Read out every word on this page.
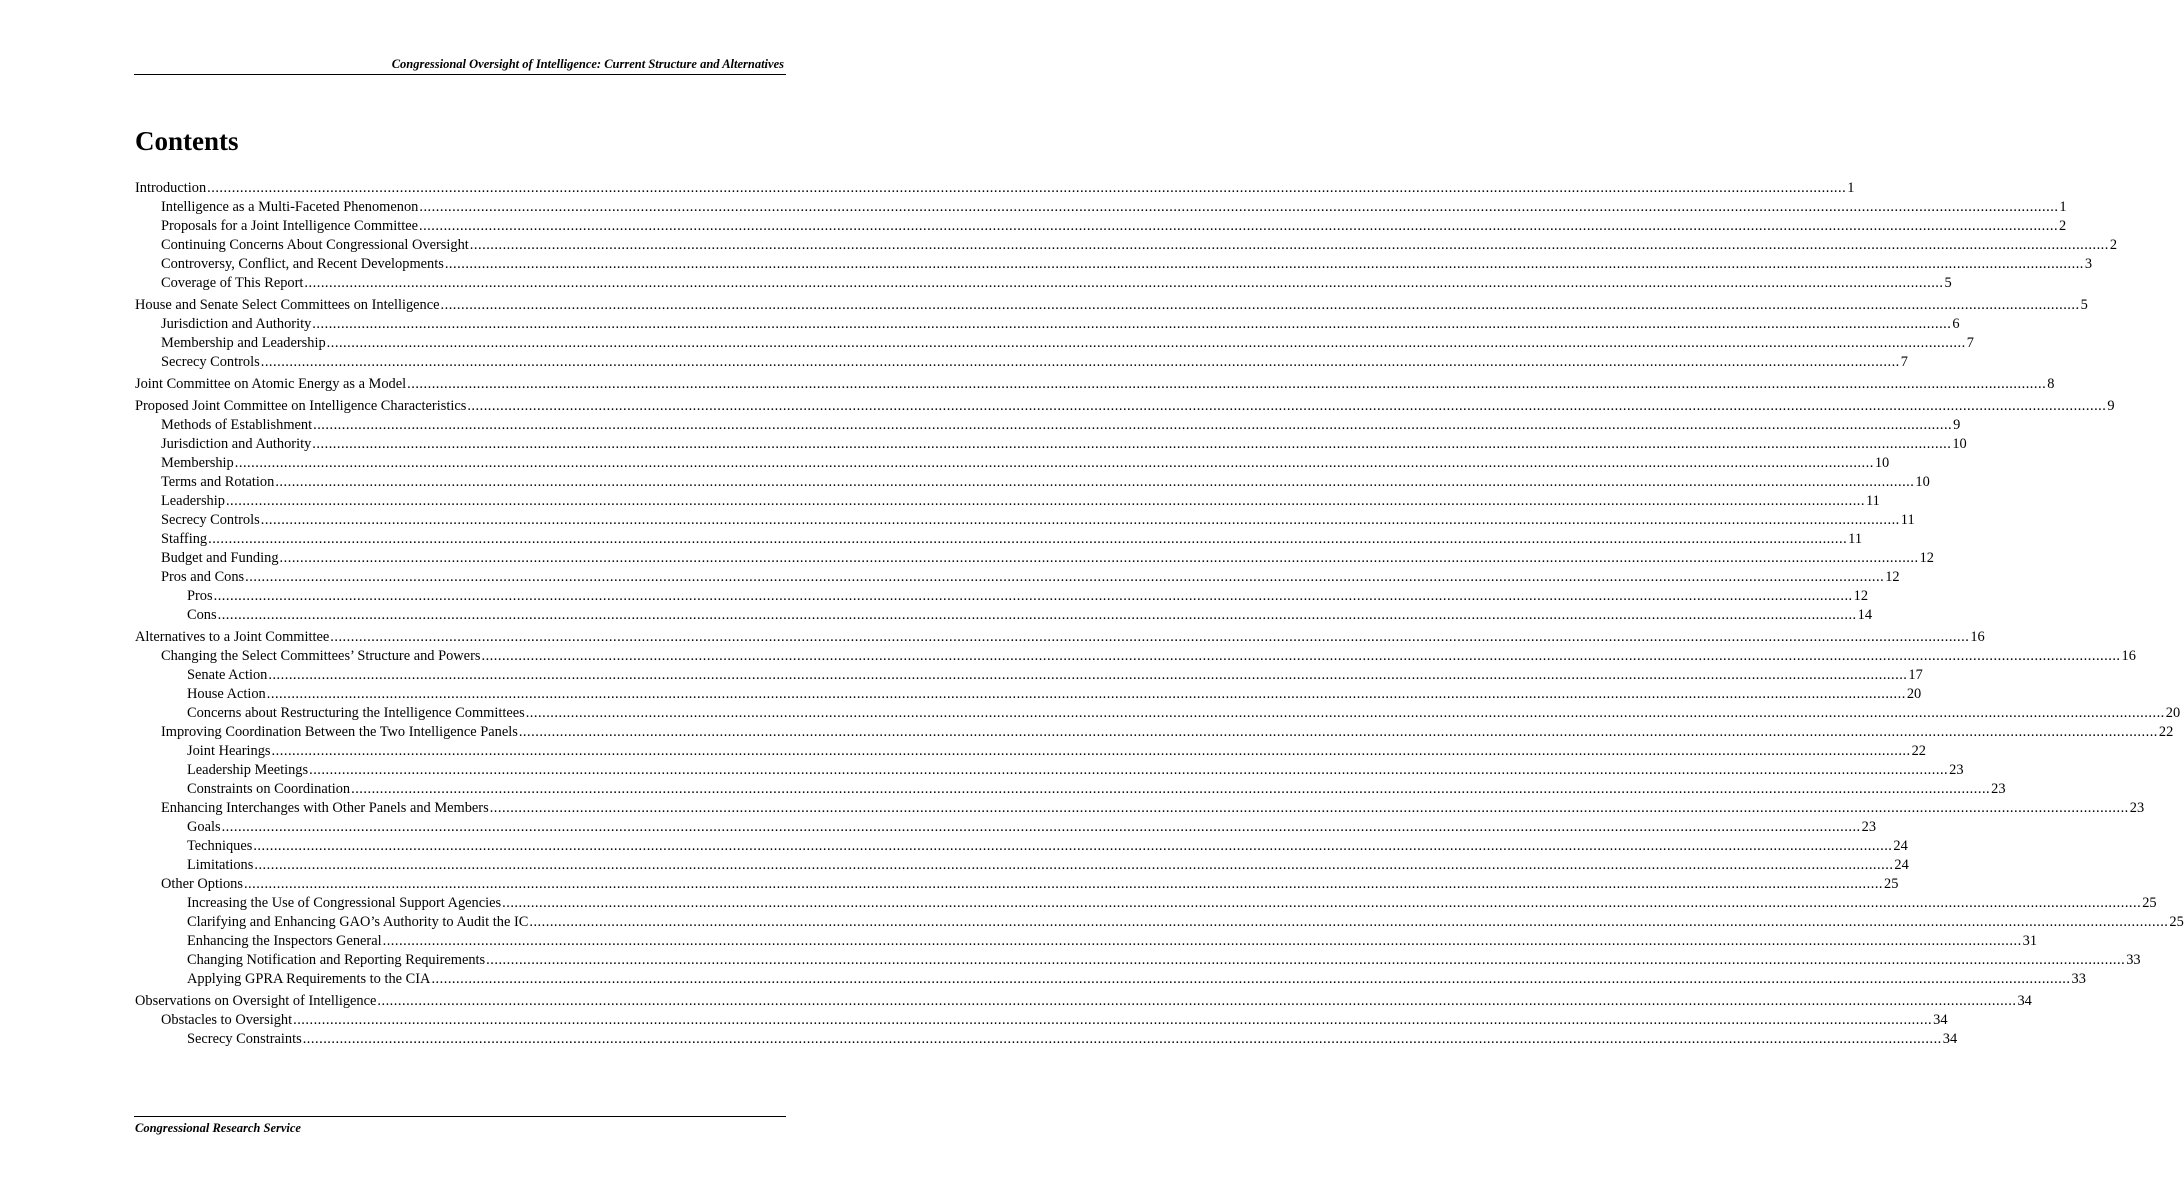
Congressional Oversight of Intelligence: Current Structure and Alternatives
Contents
Introduction ................................................................................................................................................................................................................................................................................................................................................................................................................ 1
Intelligence as a Multi-Faceted Phenomenon ................................................................................................................................................................................................................................................................................................................................................................................................................ 1
Proposals for a Joint Intelligence Committee ................................................................................................................................................................................................................................................................................................................................................................................................................ 2
Continuing Concerns About Congressional Oversight ................................................................................................................................................................................................................................................................................................................................................................................................................ 2
Controversy, Conflict, and Recent Developments ................................................................................................................................................................................................................................................................................................................................................................................................................ 3
Coverage of This Report ................................................................................................................................................................................................................................................................................................................................................................................................................ 5
House and Senate Select Committees on Intelligence ................................................................................................................................................................................................................................................................................................................................................................................................................ 5
Jurisdiction and Authority ................................................................................................................................................................................................................................................................................................................................................................................................................ 6
Membership and Leadership ................................................................................................................................................................................................................................................................................................................................................................................................................ 7
Secrecy Controls ................................................................................................................................................................................................................................................................................................................................................................................................................ 7
Joint Committee on Atomic Energy as a Model ................................................................................................................................................................................................................................................................................................................................................................................................................ 8
Proposed Joint Committee on Intelligence Characteristics ................................................................................................................................................................................................................................................................................................................................................................................................................ 9
Methods of Establishment ................................................................................................................................................................................................................................................................................................................................................................................................................ 9
Jurisdiction and Authority ................................................................................................................................................................................................................................................................................................................................................................................................................ 10
Membership ................................................................................................................................................................................................................................................................................................................................................................................................................ 10
Terms and Rotation ................................................................................................................................................................................................................................................................................................................................................................................................................ 10
Leadership ................................................................................................................................................................................................................................................................................................................................................................................................................ 11
Secrecy Controls ................................................................................................................................................................................................................................................................................................................................................................................................................ 11
Staffing ................................................................................................................................................................................................................................................................................................................................................................................................................ 11
Budget and Funding ................................................................................................................................................................................................................................................................................................................................................................................................................ 12
Pros and Cons ................................................................................................................................................................................................................................................................................................................................................................................................................ 12
Pros ................................................................................................................................................................................................................................................................................................................................................................................................................ 12
Cons ................................................................................................................................................................................................................................................................................................................................................................................................................ 14
Alternatives to a Joint Committee ................................................................................................................................................................................................................................................................................................................................................................................................................ 16
Changing the Select Committees’ Structure and Powers ................................................................................................................................................................................................................................................................................................................................................................................................................ 16
Senate Action ................................................................................................................................................................................................................................................................................................................................................................................................................ 17
House Action ................................................................................................................................................................................................................................................................................................................................................................................................................ 20
Concerns about Restructuring the Intelligence Committees ................................................................................................................................................................................................................................................................................................................................................................................................................ 20
Improving Coordination Between the Two Intelligence Panels ................................................................................................................................................................................................................................................................................................................................................................................................................ 22
Joint Hearings ................................................................................................................................................................................................................................................................................................................................................................................................................ 22
Leadership Meetings ................................................................................................................................................................................................................................................................................................................................................................................................................ 23
Constraints on Coordination ................................................................................................................................................................................................................................................................................................................................................................................................................ 23
Enhancing Interchanges with Other Panels and Members ................................................................................................................................................................................................................................................................................................................................................................................................................ 23
Goals ................................................................................................................................................................................................................................................................................................................................................................................................................ 23
Techniques ................................................................................................................................................................................................................................................................................................................................................................................................................ 24
Limitations ................................................................................................................................................................................................................................................................................................................................................................................................................ 24
Other Options ................................................................................................................................................................................................................................................................................................................................................................................................................ 25
Increasing the Use of Congressional Support Agencies ................................................................................................................................................................................................................................................................................................................................................................................................................ 25
Clarifying and Enhancing GAO’s Authority to Audit the IC ................................................................................................................................................................................................................................................................................................................................................................................................................ 25
Enhancing the Inspectors General ................................................................................................................................................................................................................................................................................................................................................................................................................ 31
Changing Notification and Reporting Requirements ................................................................................................................................................................................................................................................................................................................................................................................................................ 33
Applying GPRA Requirements to the CIA ................................................................................................................................................................................................................................................................................................................................................................................................................ 33
Observations on Oversight of Intelligence ................................................................................................................................................................................................................................................................................................................................................................................................................ 34
Obstacles to Oversight ................................................................................................................................................................................................................................................................................................................................................................................................................ 34
Secrecy Constraints ................................................................................................................................................................................................................................................................................................................................................................................................................ 34
Congressional Research Service
